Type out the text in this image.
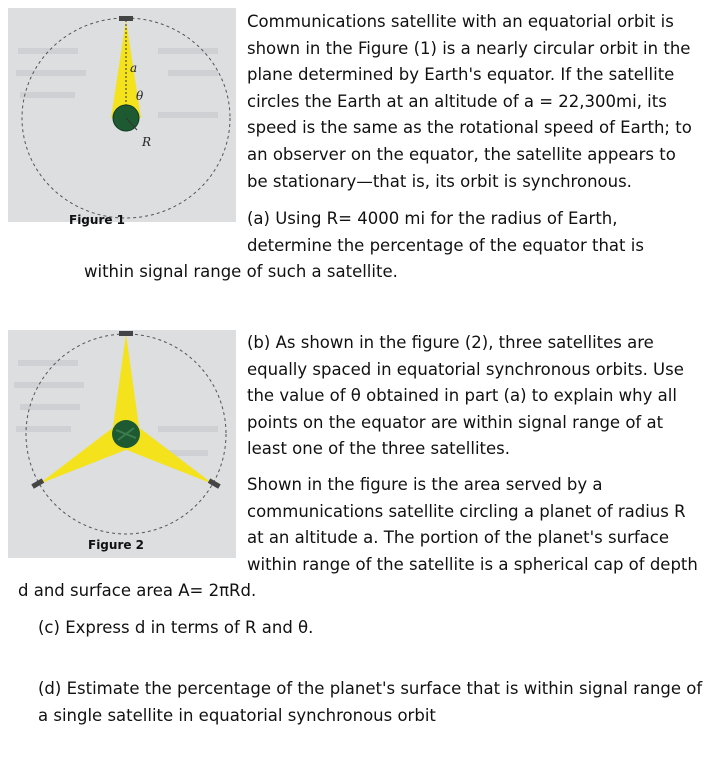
a
θ
R
Figure 1
Figure 2
Communications satellite with an equatorial orbit is
shown in the Figure (1) is a nearly circular orbit in the
plane determined by Earth's equator. If the satellite
circles the Earth at an altitude of a = 22,300mi, its
speed is the same as the rotational speed of Earth; to
an observer on the equator, the satellite appears to
be stationary—that is, its orbit is synchronous.
(a) Using R= 4000 mi for the radius of Earth,
determine the percentage of the equator that is
within signal range of such a satellite.
(b) As shown in the figure (2), three satellites are
equally spaced in equatorial synchronous orbits. Use
the value of θ obtained in part (a) to explain why all
points on the equator are within signal range of at
least one of the three satellites.
Shown in the figure is the area served by a
communications satellite circling a planet of radius R
at an altitude a. The portion of the planet's surface
within range of the satellite is a spherical cap of depth
d and surface area A= 2πRd.
(c) Express d in terms of R and θ.
(d) Estimate the percentage of the planet's surface that is within signal range of
a single satellite in equatorial synchronous orbit
